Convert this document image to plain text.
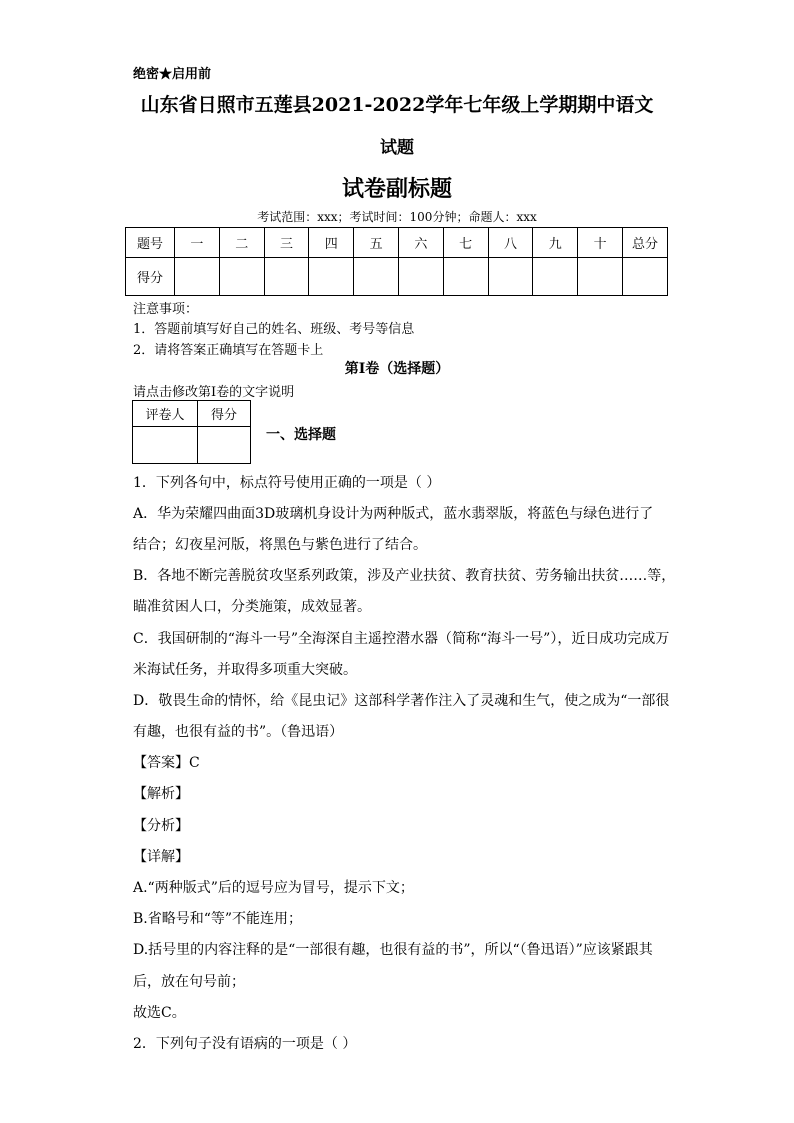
绝密★启用前
山东省日照市五莲县2021-2022学年七年级上学期期中语文
试题
试卷副标题
考试范围：xxx；考试时间：100分钟；命题人：xxx
题号	一	二	三	四	五	六	七	八	九	十	总分
得分											
注意事项：
1．答题前填写好自己的姓名、班级、考号等信息
2．请将答案正确填写在答题卡上
第I卷（选择题）
请点击修改第I卷的文字说明
评卷人	得分

一、选择题
1．下列各句中，标点符号使用正确的一项是（ ）
A．华为荣耀四曲面3D玻璃机身设计为两种版式，蓝水翡翠版，将蓝色与绿色进行了
结合；幻夜星河版，将黑色与紫色进行了结合。
B．各地不断完善脱贫攻坚系列政策，涉及产业扶贫、教育扶贫、劳务输出扶贫……等，
瞄准贫困人口，分类施策，成效显著。
C．我国研制的“海斗一号”全海深自主遥控潜水器（简称“海斗一号”），近日成功完成万
米海试任务，并取得多项重大突破。
D．敬畏生命的情怀，给《昆虫记》这部科学著作注入了灵魂和生气，使之成为“一部很
有趣，也很有益的书”。（鲁迅语）
【答案】C
【解析】
【分析】
【详解】
A.“两种版式”后的逗号应为冒号，提示下文；
B.省略号和“等”不能连用；
D.括号里的内容注释的是“一部很有趣，也很有益的书”，所以“（鲁迅语）”应该紧跟其
后，放在句号前；
故选C。
2．下列句子没有语病的一项是（ ）
